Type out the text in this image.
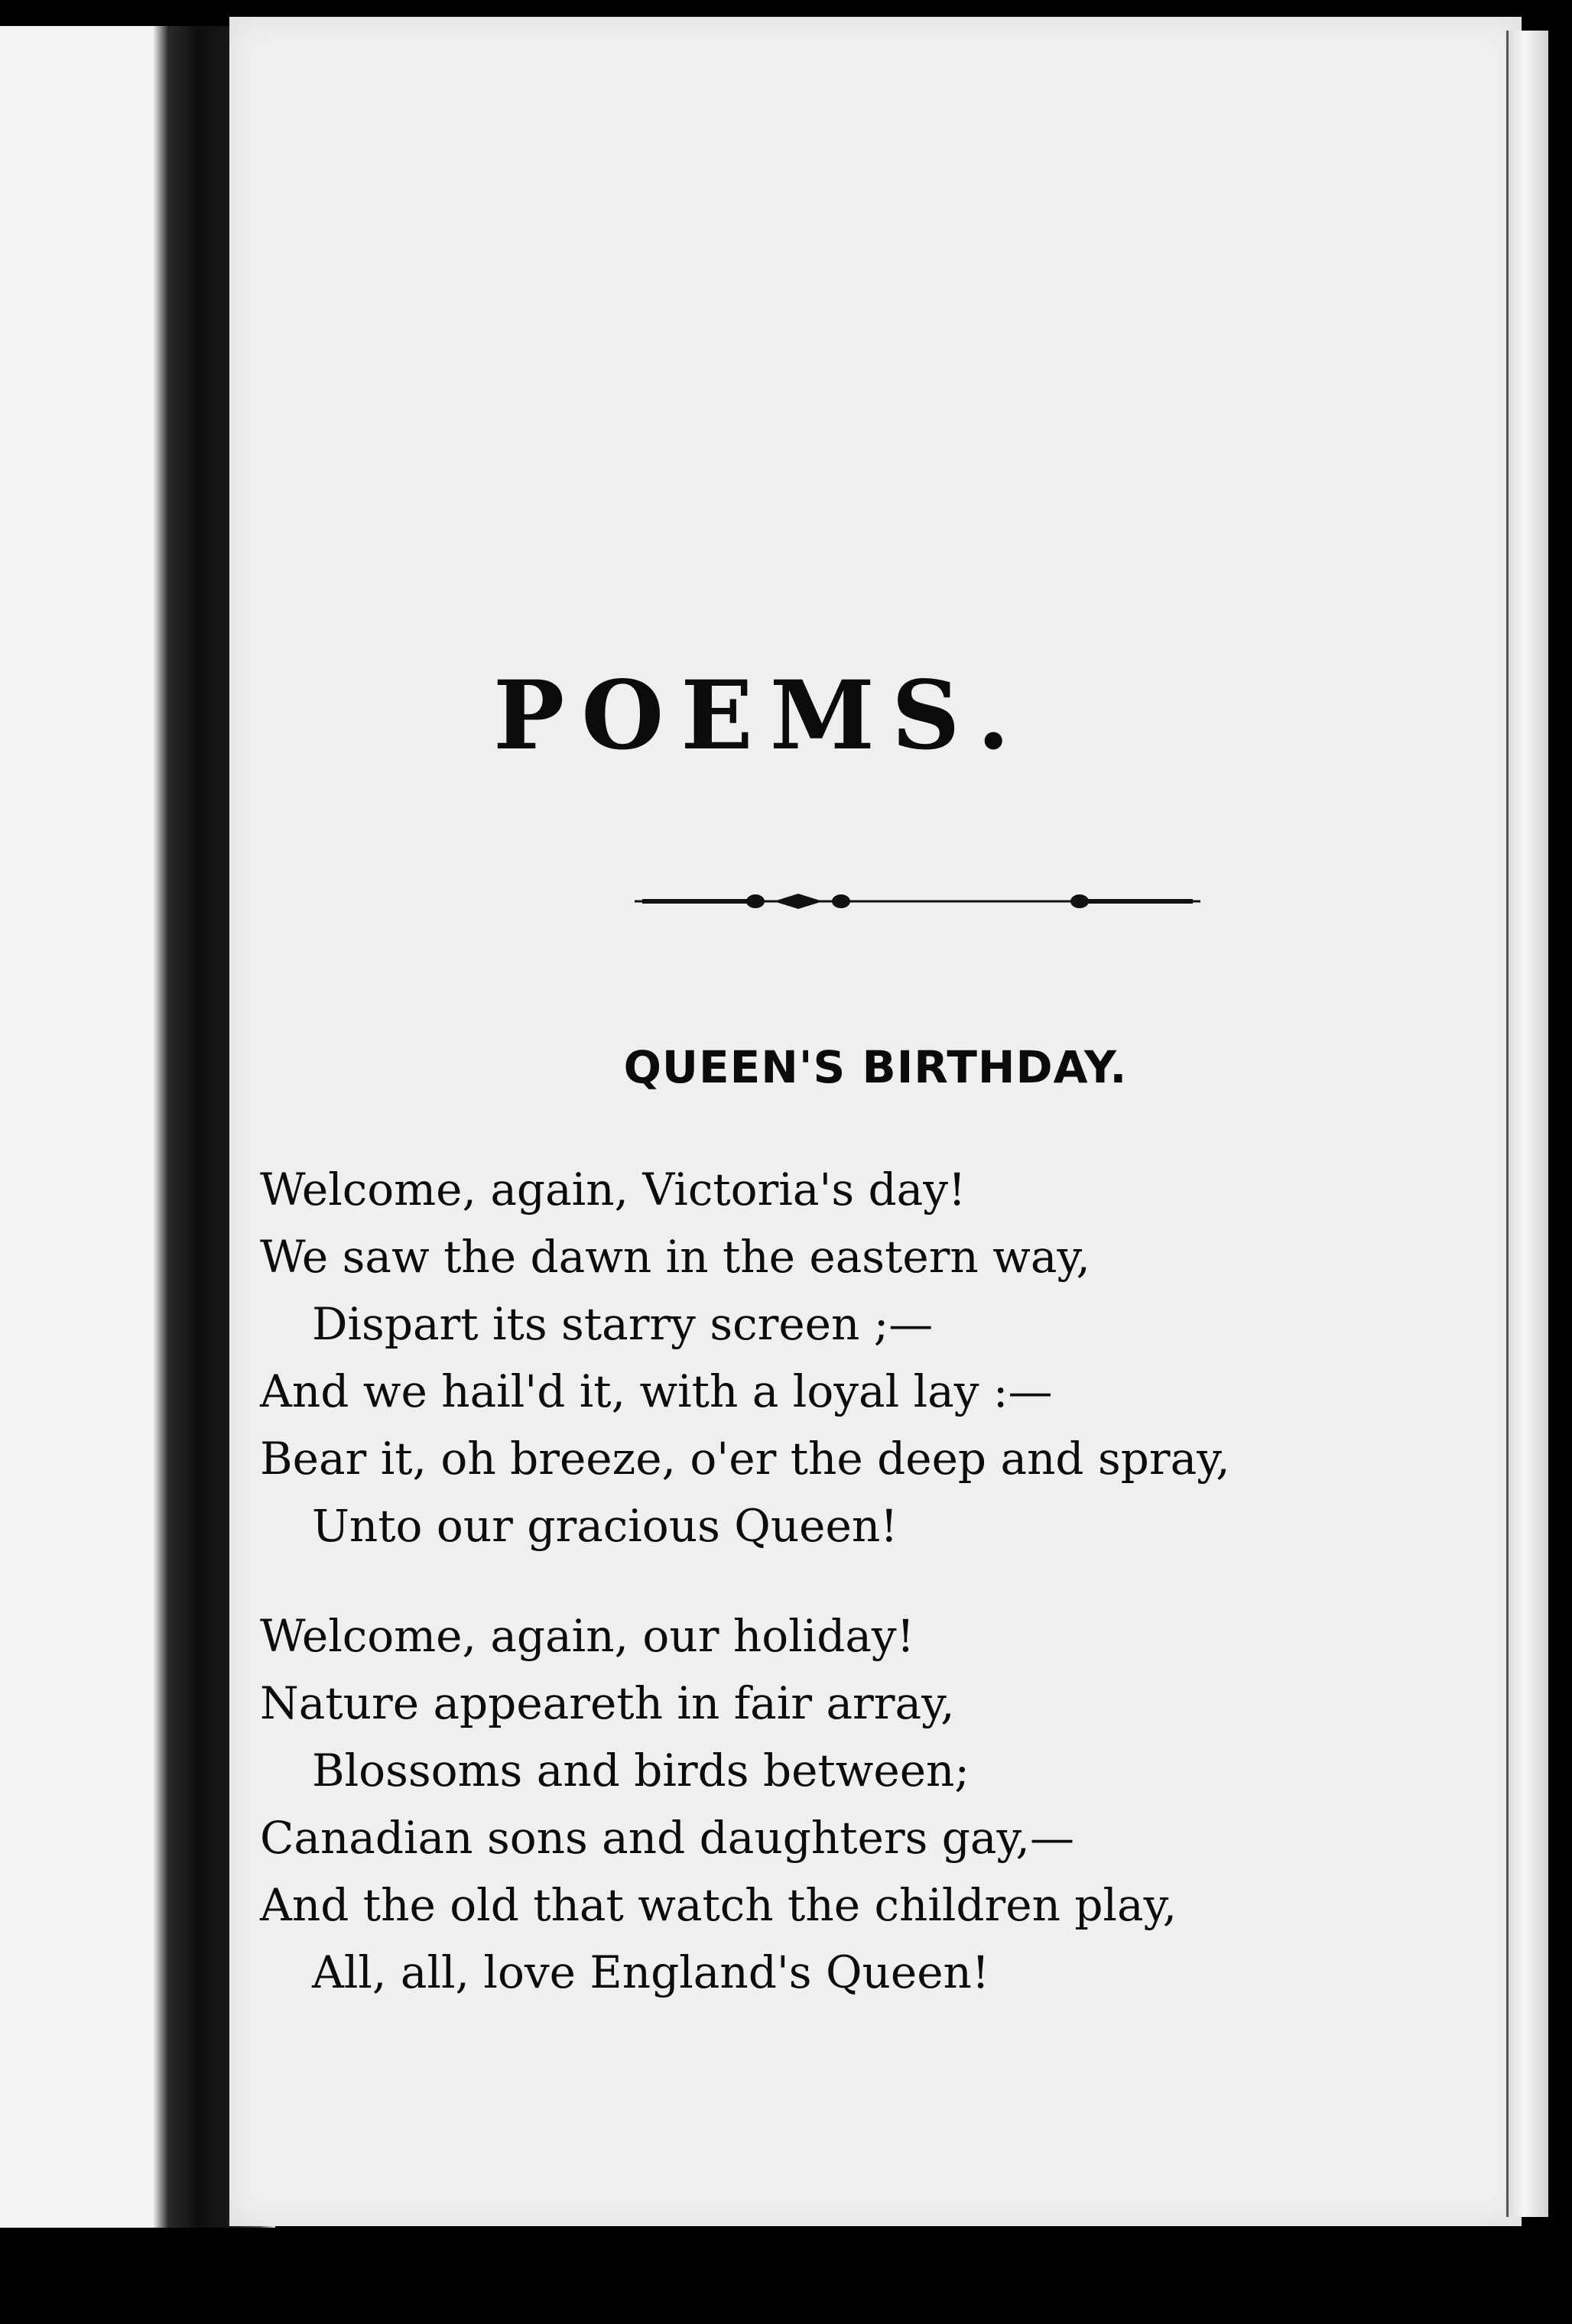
POEMS.
QUEEN'S BIRTHDAY.
Welcome, again, Victoria's day!
We saw the dawn in the eastern way,
Dispart its starry screen ;—
And we hail'd it, with a loyal lay :—
Bear it, oh breeze, o'er the deep and spray,
Unto our gracious Queen!
Welcome, again, our holiday!
Nature appeareth in fair array,
Blossoms and birds between;
Canadian sons and daughters gay,—
And the old that watch the children play,
All, all, love England's Queen!
